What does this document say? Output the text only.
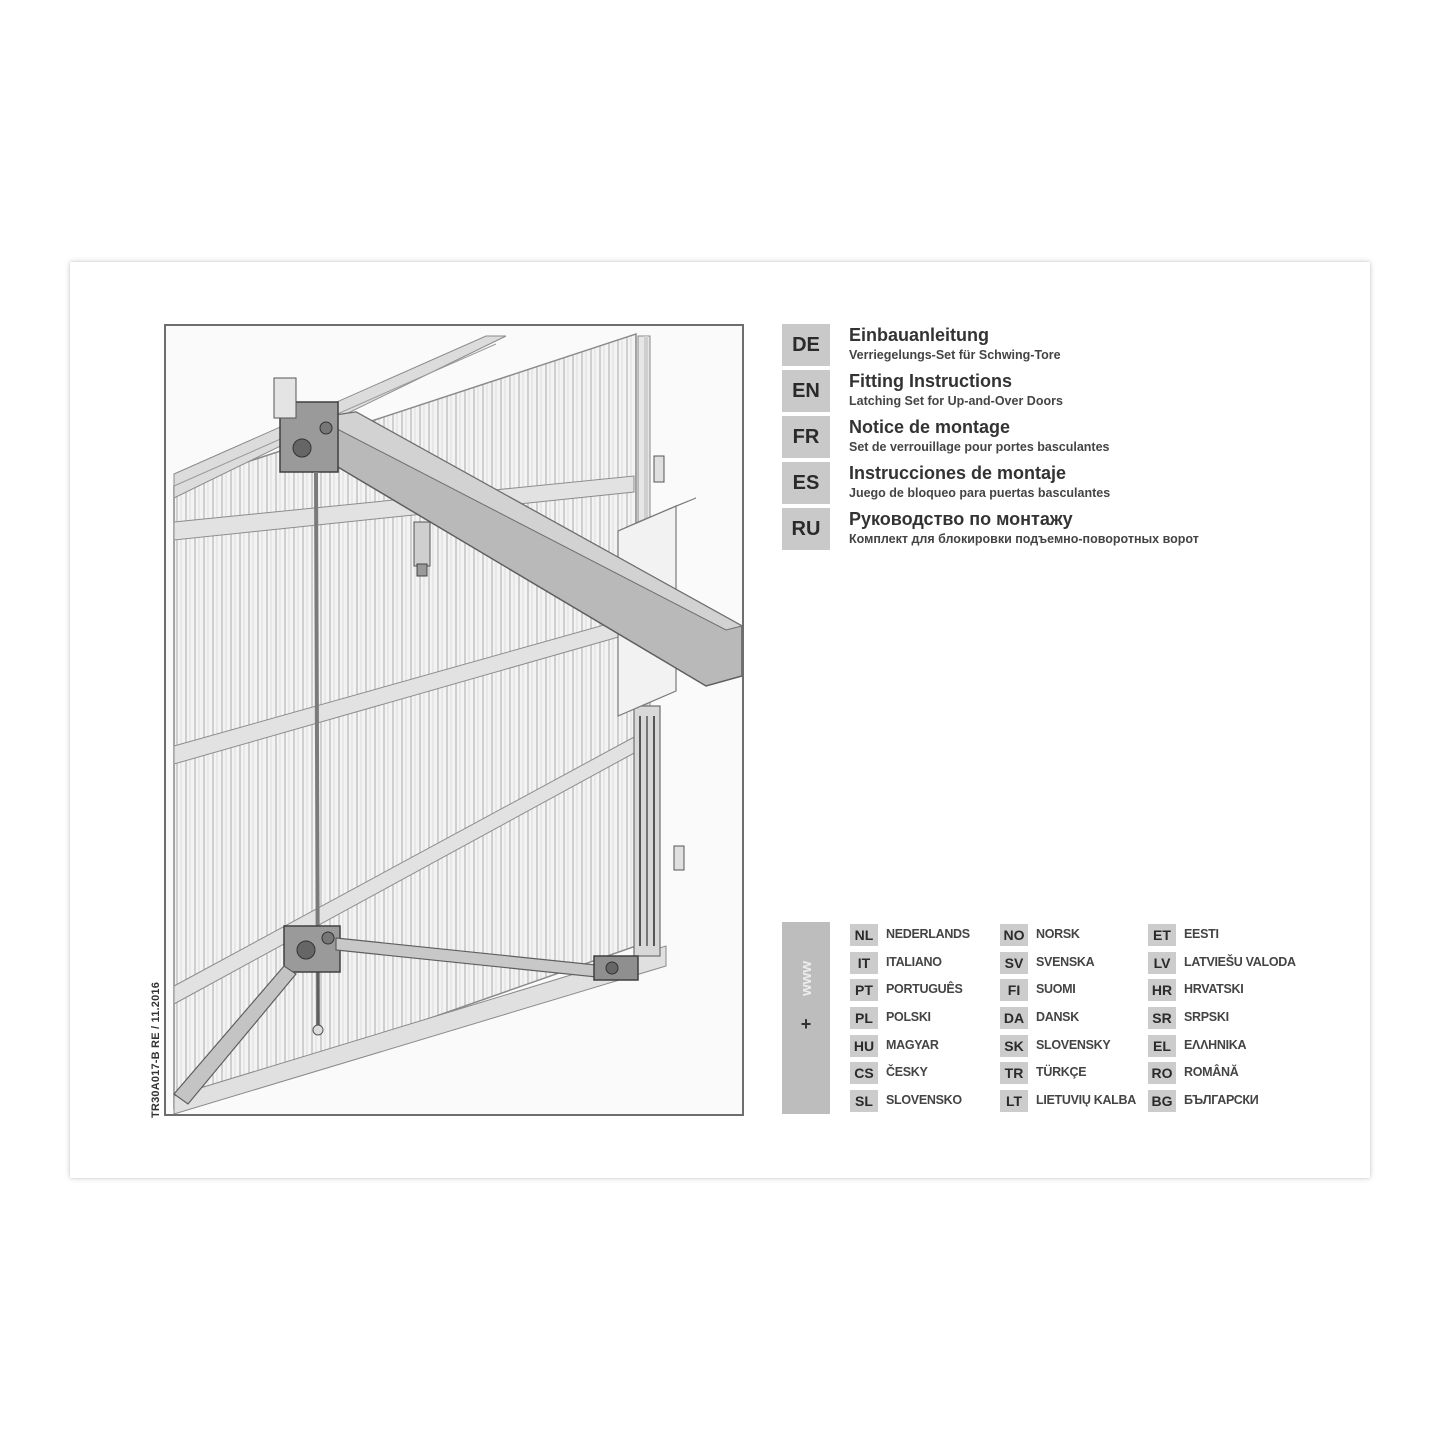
TR30A017-B RE / 11.2016
DE	Einbauanleitung
Verriegelungs-Set für Schwing-Tore
EN	Fitting Instructions
Latching Set for Up-and-Over Doors
FR	Notice de montage
Set de verrouillage pour portes basculantes
ES	Instrucciones de montaje
Juego de bloqueo para puertas basculantes
RU	Руководство по монтажу
Комплект для блокировки подъемно-поворотных ворот
www
+
NL	NEDERLANDS
IT	ITALIANO
PT	PORTUGUÊS
PL	POLSKI
HU MAGYAR
CS ČESKY
SL	SLOVENSKO
NO NORSK
SV	SVENSKA
FI	SUOMI
DA DANSK
SK SLOVENSKY
TR	TÜRKÇE
LT	LIETUVIŲ KALBA
ET	EESTI
LV	LATVIEŠU VALODA
HR HRVATSKI
SR SRPSKI
EL	ΕΛΛΗΝΙΚΑ
RO ROMÂNĂ
BG БЪЛГАРСКИ
